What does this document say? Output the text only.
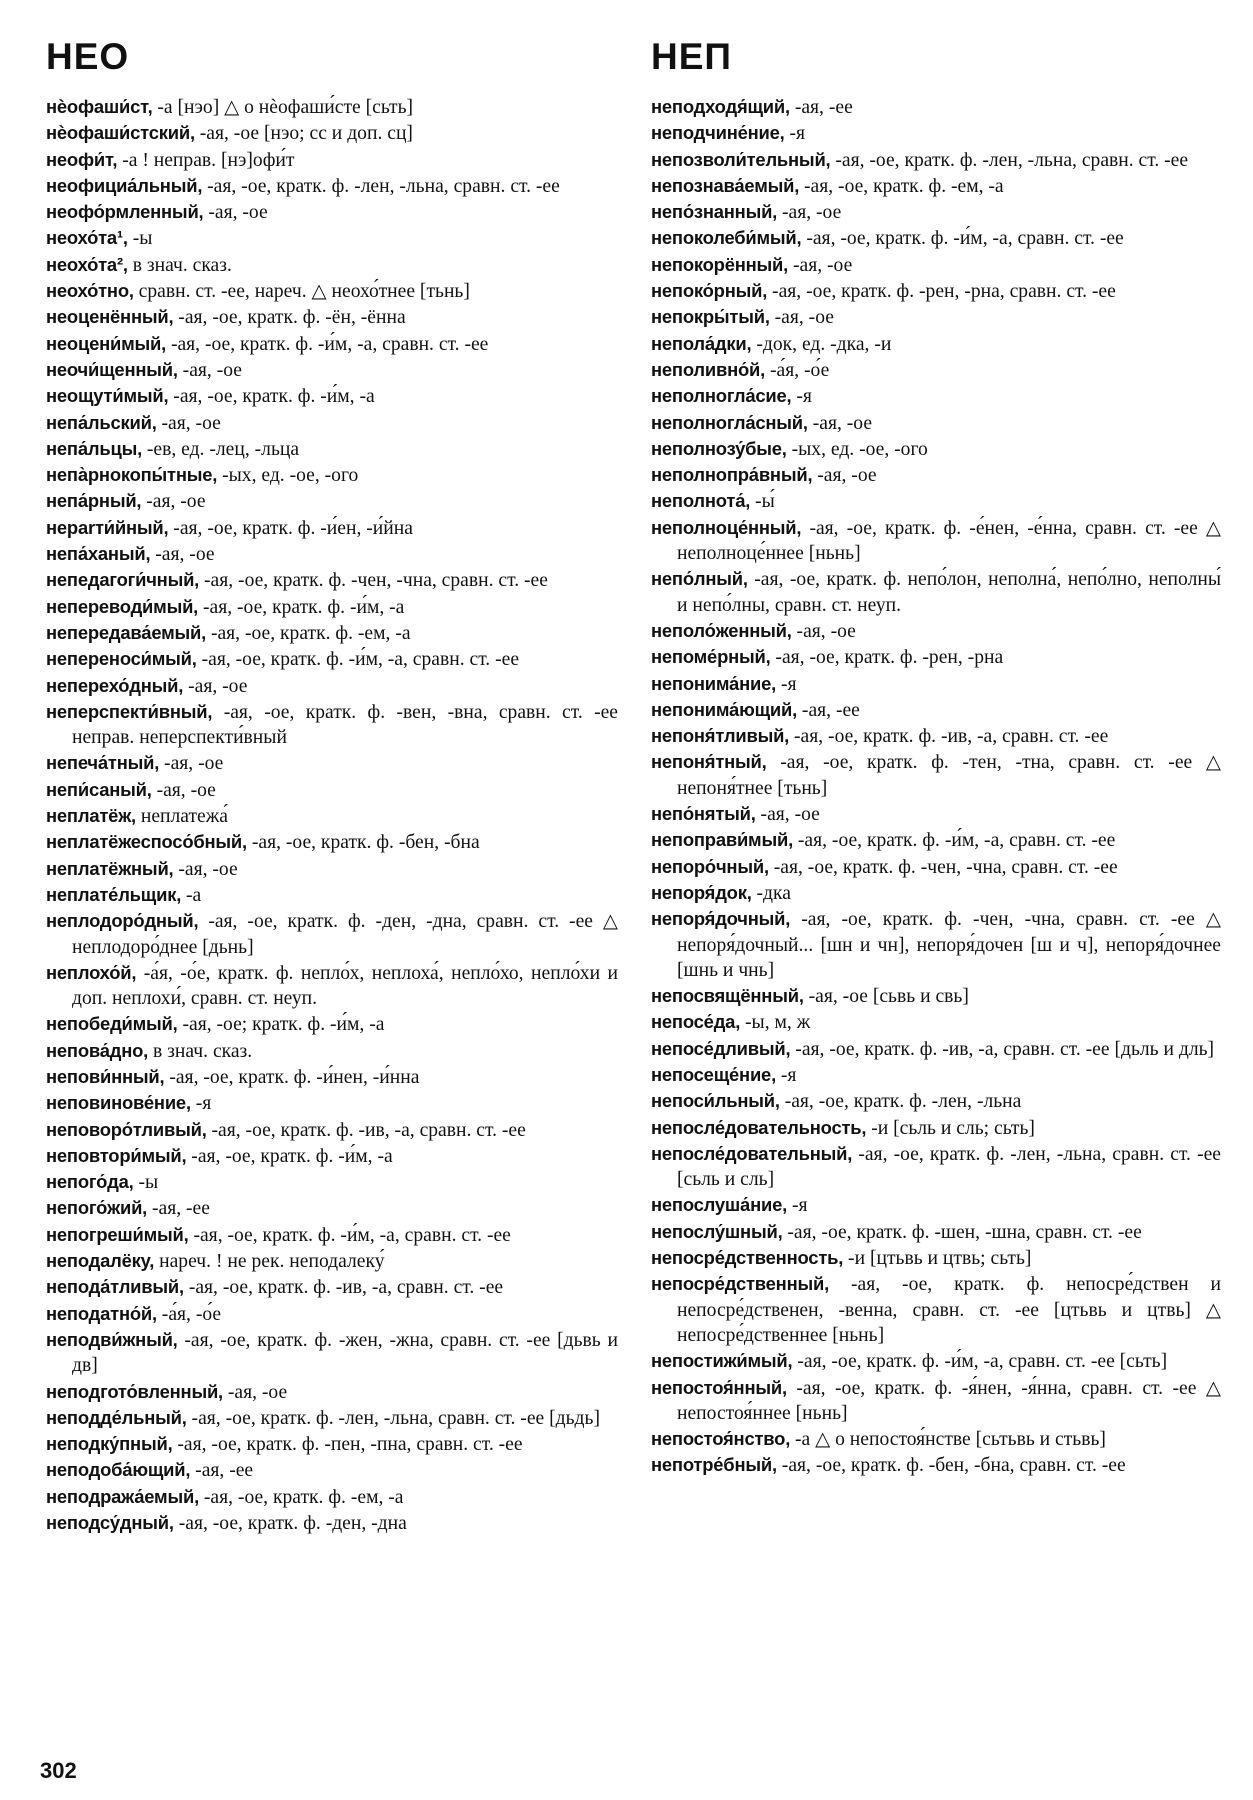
НЕО
нѐофаши́ст, -а [нэо] △ о нѐофаши́сте [сьть]
нѐофаши́стский, -ая, -ое [нэо; сс и доп. сц]
неофи́т, -а ! неправ. [нэ]офи́т
неофициа́льный, -ая, -ое, кратк. ф. -лен, -льна, сравн. ст. -ее
неофо́рмленный, -ая, -ое
неохо́та¹, -ы
неохо́та², в знач. сказ.
неохо́тно, сравн. ст. -ее, нареч. △ неохо́тнее [тьнь]
неоценённый, -ая, -ое, кратк. ф. -ён, -ённа
неоцени́мый, -ая, -ое, кратк. ф. -и́м, -а, сравн. ст. -ее
неочи́щенный, -ая, -ое
неощути́мый, -ая, -ое, кратк. ф. -и́м, -а
непа́льский, -ая, -ое
непа́льцы, -ев, ед. -лец, -льца
непа̀рнокопы́тные, -ых, ед. -ое, -ого
непа́рный, -ая, -ое
неparти́йный, -ая, -ое, кратк. ф. -и́ен, -и́йна
непа́ханый, -ая, -ое
непедагоги́чный, -ая, -ое, кратк. ф. -чен, -чна, сравн. ст. -ее
непереводи́мый, -ая, -ое, кратк. ф. -и́м, -а
непередава́емый, -ая, -ое, кратк. ф. -ем, -а
непереноси́мый, -ая, -ое, кратк. ф. -и́м, -а, сравн. ст. -ее
неперехо́дный, -ая, -ое
неперспекти́вный, -ая, -ое, кратк. ф. -вен, -вна, сравн. ст. -ее неправ. неперспекти́вный
непеча́тный, -ая, -ое
непи́саный, -ая, -ое
неплатёж, неплатежа́
неплатёжеспосо́бный, -ая, -ое, кратк. ф. -бен, -бна
неплатёжный, -ая, -ое
неплате́льщик, -а
неплодоро́дный, -ая, -ое, кратк. ф. -ден, -дна, сравн. ст. -ее △ неплодоро́днее [дьнь]
неплохо́й, -а́я, -о́е, кратк. ф. непло́х, неплоха́, непло́хо, непло́хи и доп. неплохи́, сравн. ст. неуп.
непобеди́мый, -ая, -ое; кратк. ф. -и́м, -а
непова́дно, в знач. сказ.
непови́нный, -ая, -ое, кратк. ф. -и́нен, -и́нна
неповинове́ние, -я
неповоро́тливый, -ая, -ое, кратк. ф. -ив, -а, сравн. ст. -ее
неповтори́мый, -ая, -ое, кратк. ф. -и́м, -а
непого́да, -ы
непого́жий, -ая, -ее
непогреши́мый, -ая, -ое, кратк. ф. -и́м, -а, сравн. ст. -ее
неподалёку, нареч. ! не рек. неподалеку́
непода́тливый, -ая, -ое, кратк. ф. -ив, -а, сравн. ст. -ее
неподатно́й, -а́я, -о́е
неподви́жный, -ая, -ое, кратк. ф. -жен, -жна, сравн. ст. -ее [дьвь и дв]
неподгото́вленный, -ая, -ое
неподде́льный, -ая, -ое, кратк. ф. -лен, -льна, сравн. ст. -ее [дьдь]
неподку́пный, -ая, -ое, кратк. ф. -пен, -пна, сравн. ст. -ее
неподоба́ющий, -ая, -ее
неподража́емый, -ая, -ое, кратк. ф. -ем, -а
неподсу́дный, -ая, -ое, кратк. ф. -ден, -дна
НЕП
неподходя́щий, -ая, -ее
неподчине́ние, -я
непозволи́тельный, -ая, -ое, кратк. ф. -лен, -льна, сравн. ст. -ее
непознава́емый, -ая, -ое, кратк. ф. -ем, -а
непо́знанный, -ая, -ое
непоколеби́мый, -ая, -ое, кратк. ф. -и́м, -а, сравн. ст. -ее
непокорённый, -ая, -ое
непоко́рный, -ая, -ое, кратк. ф. -рен, -рна, сравн. ст. -ее
непокры́тый, -ая, -ое
непола́дки, -док, ед. -дка, -и
неполивно́й, -а́я, -о́е
неполногла́сие, -я
неполногла́сный, -ая, -ое
неполнозу́бые, -ых, ед. -ое, -ого
неполнопра́вный, -ая, -ое
неполнота́, -ы́
неполноце́нный, -ая, -ое, кратк. ф. -е́нен, -е́нна, сравн. ст. -ее △ неполноце́ннее [ньнь]
непо́лный, -ая, -ое, кратк. ф. непо́лон, неполна́, непо́лно, неполны́ и непо́лны, сравн. ст. неуп.
неполо́женный, -ая, -ое
непоме́рный, -ая, -ое, кратк. ф. -рен, -рна
непонима́ние, -я
непонима́ющий, -ая, -ее
непоня́тливый, -ая, -ое, кратк. ф. -ив, -а, сравн. ст. -ее
непоня́тный, -ая, -ое, кратк. ф. -тен, -тна, сравн. ст. -ее △ непоня́тнее [тьнь]
непо́нятый, -ая, -ое
непоправи́мый, -ая, -ое, кратк. ф. -и́м, -а, сравн. ст. -ее
непоро́чный, -ая, -ое, кратк. ф. -чен, -чна, сравн. ст. -ее
непоря́док, -дка
непоря́дочный, -ая, -ое, кратк. ф. -чен, -чна, сравн. ст. -ее △ непоря́дочный... [шн и чн], непоря́дочен [ш и ч], непоря́дочнее [шнь и чнь]
непосвящённый, -ая, -ое [сьвь и свь]
непосе́да, -ы, м, ж
непосе́дливый, -ая, -ое, кратк. ф. -ив, -а, сравн. ст. -ее [дьль и дль]
непосеще́ние, -я
непоси́льный, -ая, -ое, кратк. ф. -лен, -льна
непосле́довательность, -и [сьль и сль; сьть]
непосле́довательный, -ая, -ое, кратк. ф. -лен, -льна, сравн. ст. -ее [сьль и сль]
непослуша́ние, -я
непослу́шный, -ая, -ое, кратк. ф. -шен, -шна, сравн. ст. -ее
непосре́дственность, -и [цтьвь и цтвь; сьть]
непосре́дственный, -ая, -ое, кратк. ф. непосре́дствен и непосре́дственен, -венна, сравн. ст. -ее [цтьвь и цтвь] △ непосре́дственнее [ньнь]
непостижи́мый, -ая, -ое, кратк. ф. -и́м, -а, сравн. ст. -ее [сьть]
непостоя́нный, -ая, -ое, кратк. ф. -я́нен, -я́нна, сравн. ст. -ее △ непостоя́ннее [ньнь]
непостоя́нство, -а △ о непостоя́нстве [сьтьвь и стьвь]
непотре́бный, -ая, -ое, кратк. ф. -бен, -бна, сравн. ст. -ее
302
